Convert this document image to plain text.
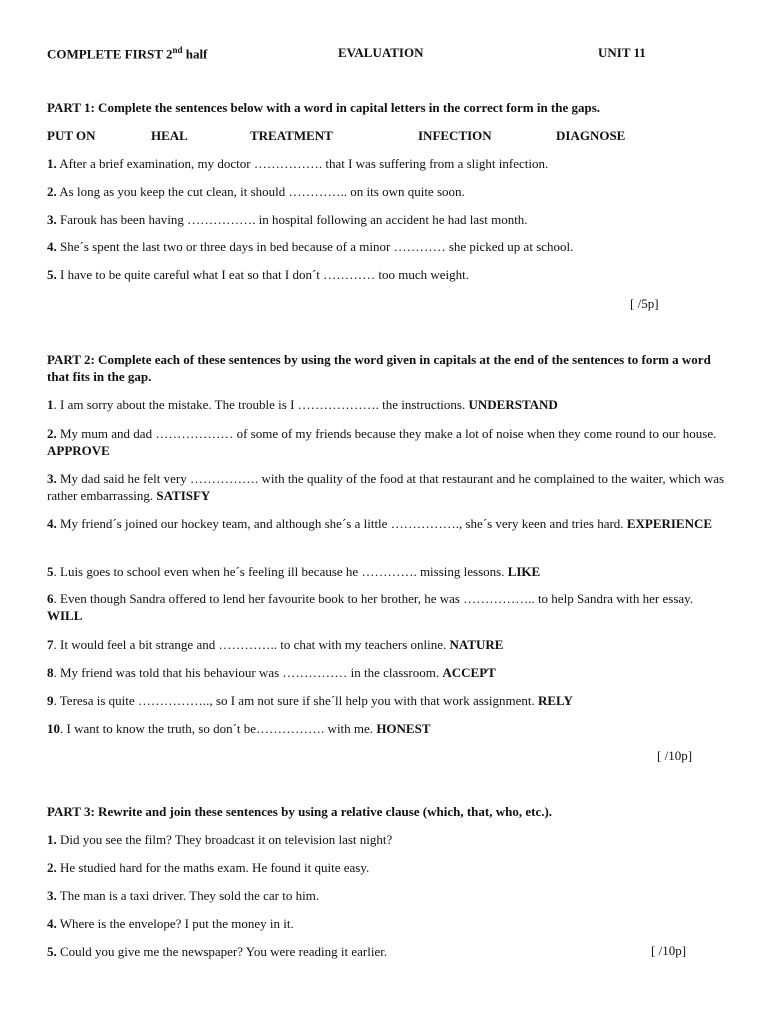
COMPLETE FIRST 2nd half	EVALUATION	UNIT 11
PART 1: Complete the sentences below with a word in capital letters in the correct form in the gaps.
PUT ON	HEAL	TREATMENT	INFECTION	DIAGNOSE
1. After a brief examination, my doctor ……………. that I was suffering from a slight infection.
2. As long as you keep the cut clean, it should ………….. on its own quite soon.
3. Farouk has been having ……………. in hospital following an accident he had last month.
4. She´s spent the last two or three days in bed because of a minor ………… she picked up at school.
5. I have to be quite careful what I eat so that I don´t ………… too much weight.
[ /5p]
PART 2: Complete each of these sentences by using the word given in capitals at the end of the sentences to form a word that fits in the gap.
1. I am sorry about the mistake. The trouble is I ………………. the instructions. UNDERSTAND
2. My mum and dad ……………… of some of my friends because they make a lot of noise when they come round to our house. APPROVE
3. My dad said he felt very ……………. with the quality of the food at that restaurant and he complained to the waiter, which was rather embarrassing. SATISFY
4. My friend´s joined our hockey team, and although she´s a little ……………., she´s very keen and tries hard. EXPERIENCE
5. Luis goes to school even when he´s feeling ill because he …………. missing lessons. LIKE
6. Even though Sandra offered to lend her favourite book to her brother, he was …………….. to help Sandra with her essay. WILL
7. It would feel a bit strange and ………….. to chat with my teachers online. NATURE
8. My friend was told that his behaviour was …………… in the classroom. ACCEPT
9. Teresa is quite …………….., so I am not sure if she´ll help you with that work assignment. RELY
10. I want to know the truth, so don´t be……………. with me. HONEST
[ /10p]
PART 3: Rewrite and join these sentences by using a relative clause (which, that, who, etc.).
1. Did you see the film? They broadcast it on television last night?
2. He studied hard for the maths exam. He found it quite easy.
3. The man is a taxi driver. They sold the car to him.
4. Where is the envelope? I put the money in it.
5. Could you give me the newspaper? You were reading it earlier.	[ /10p]
